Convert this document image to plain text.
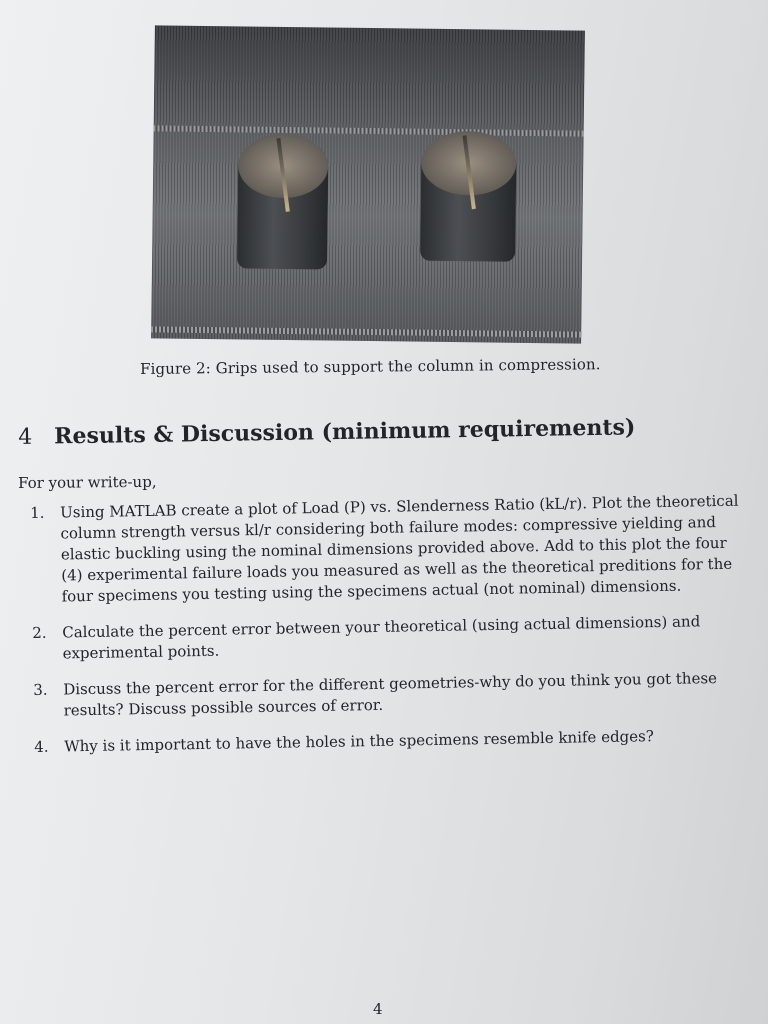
Figure 2: Grips used to support the column in compression.
4 Results & Discussion (minimum requirements)
For your write-up,
1. Using MATLAB create a plot of Load (P) vs. Slenderness Ratio (kL/r). Plot the theoretical column strength versus kl/r considering both failure modes: compressive yielding and elastic buckling using the nominal dimensions provided above. Add to this plot the four (4) experimental failure loads you measured as well as the theoretical preditions for the four specimens you testing using the specimens actual (not nominal) dimensions.
2. Calculate the percent error between your theoretical (using actual dimensions) and experimental points.
3. Discuss the percent error for the different geometries-why do you think you got these results? Discuss possible sources of error.
4. Why is it important to have the holes in the specimens resemble knife edges?
4
